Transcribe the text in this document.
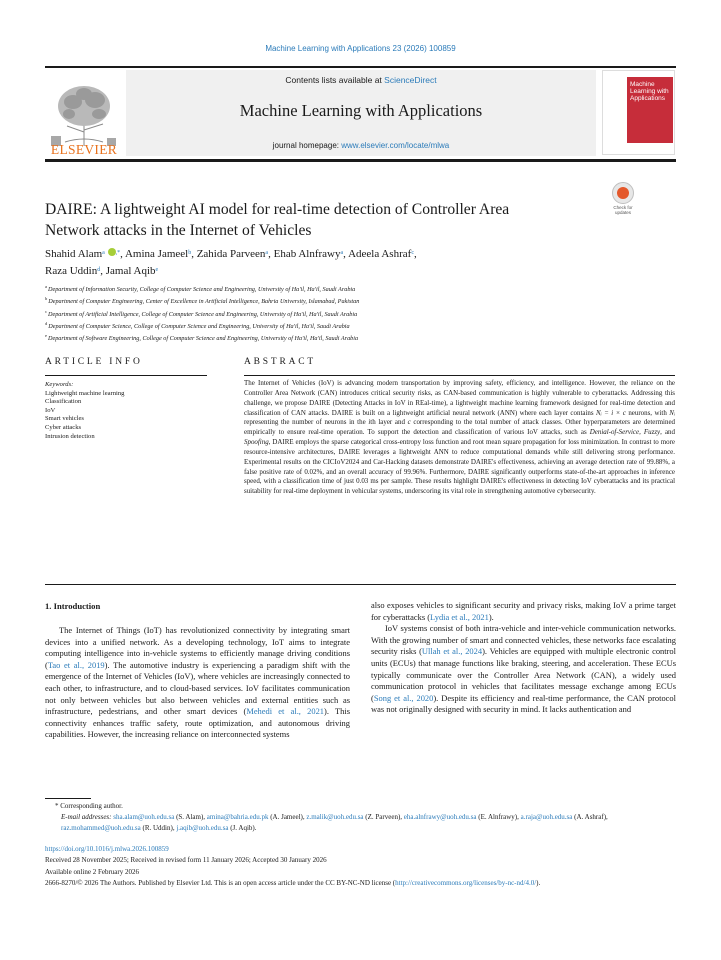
Machine Learning with Applications 23 (2026) 100859
ELSEVIER
Contents lists available at ScienceDirect
Machine Learning with Applications
journal homepage: www.elsevier.com/locate/mlwa
Machine Learning with Applications
Check for updates
DAIRE: A lightweight AI model for real-time detection of Controller Area
Network attacks in the Internet of Vehicles
Shahid Alam$^a$ ,*, Amina Jameel$^b$, Zahida Parveen$^a$, Ehab Alnfrawy$^a$, Adeela Ashraf$^c$,
Raza Uddin$^d$, Jamal Aqib$^e$
$^a$Department of Information Security, College of Computer Science and Engineering, University of Ha'il, Ha'il, Saudi Arabia
$^b$Department of Computer Engineering, Center of Excellence in Artificial Intelligence, Bahria University, Islamabad, Pakistan
$^c$Department of Artificial Intelligence, College of Computer Science and Engineering, University of Ha'il, Ha'il, Saudi Arabia
$^d$Department of Computer Science, College of Computer Science and Engineering, University of Ha'il, Ha'il, Saudi Arabia
$^e$Department of Software Engineering, College of Computer Science and Engineering, University of Ha'il, Ha'il, Saudi Arabia
ARTICLE INFO	ABSTRACT
Keywords:
Lightweight machine learning
Classification
IoV
Smart vehicles
Cyber attacks
Intrusion detection
The Internet of Vehicles (IoV) is advancing modern transportation by improving safety, efficiency, and intelligence. However, the reliance on the Controller Area Network (CAN) introduces critical security risks, as CAN-based communication is highly vulnerable to cyberattacks. Addressing this challenge, we propose DAIRE (Detecting Attacks in IoV in REal-time), a lightweight machine learning framework designed for real-time detection and classification of CAN attacks. DAIRE is built on a lightweight artificial neural network (ANN) where each layer contains Nᵢ = i × c neurons, with Nᵢ representing the number of neurons in the ith layer and c corresponding to the total number of attack classes. Other hyperparameters are determined empirically to ensure real-time operation. To support the detection and classification of various IoV attacks, such as Denial-of-Service, Fuzzy, and Spoofing, DAIRE employs the sparse categorical cross-entropy loss function and root mean square propagation for loss minimization. In contrast to more resource-intensive architectures, DAIRE leverages a lightweight ANN to reduce computational demands while still delivering strong performance. Experimental results on the CICIoV2024 and Car-Hacking datasets demonstrate DAIRE's effectiveness, achieving an average detection rate of 99.88%, a false positive rate of 0.02%, and an overall accuracy of 99.96%. Furthermore, DAIRE significantly outperforms state-of-the-art approaches in inference speed, with a classification time of just 0.03 ms per sample. These results highlight DAIRE's effectiveness in detecting IoV cyberattacks and its practical suitability for real-time deployment in vehicular systems, underscoring its vital role in strengthening automotive cybersecurity.
1. Introduction

The Internet of Things (IoT) has revolutionized connectivity by integrating smart devices into a unified network. As a developing technology, IoT aims to integrate computing intelligence into in-vehicle systems to efficiently manage driving conditions (Tao et al., 2019). The automotive industry is experiencing a paradigm shift with the emergence of the Internet of Vehicles (IoV), where vehicles are increasingly connected to each other, to infrastructure, and to cloud-based services. IoV facilitates communication not only between vehicles but also between vehicles and external entities such as infrastructure, pedestrians, and other smart devices (Mehedi et al., 2021). This connectivity enhances traffic safety, route optimization, and autonomous driving capabilities. However, the increasing reliance on interconnected systems

also exposes vehicles to significant security and privacy risks, making IoV a prime target for cyberattacks (Lydia et al., 2021).

IoV systems consist of both intra-vehicle and inter-vehicle communication networks. With the growing number of smart and connected vehicles, these networks face escalating security risks (Ullah et al., 2024). Vehicles are equipped with multiple electronic control units (ECUs) that manage functions like braking, steering, and acceleration. These ECUs typically communicate over the Controller Area Network (CAN), a widely used communication protocol in vehicles that facilitates message exchange among ECUs (Song et al., 2020). Despite its efficiency and real-time performance, the CAN protocol was not originally designed with security in mind. It lacks authentication and

* Corresponding author.
E-mail addresses: sha.alam@uoh.edu.sa (S. Alam), amina@bahria.edu.pk (A. Jameel), z.malik@uoh.edu.sa (Z. Parveen), eha.alnfrawy@uoh.edu.sa (E. Alnfrawy), a.raja@uoh.edu.sa (A. Ashraf), raz.mohammed@uoh.edu.sa (R. Uddin), j.aqib@uoh.edu.sa (J. Aqib).
https://doi.org/10.1016/j.mlwa.2026.100859
Received 28 November 2025; Received in revised form 11 January 2026; Accepted 30 January 2026
Available online 2 February 2026
2666-8270/© 2026 The Authors. Published by Elsevier Ltd. This is an open access article under the CC BY-NC-ND license (http://creativecommons.org/licenses/by-nc-nd/4.0/).
